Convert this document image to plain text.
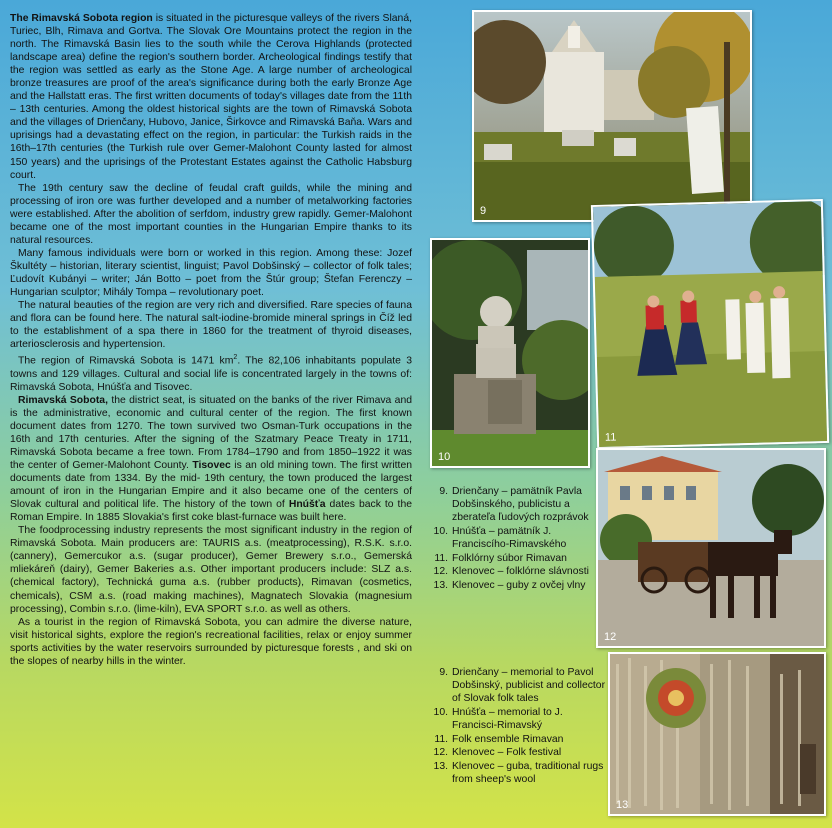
The Rimavská Sobota region is situated in the picturesque valleys of the rivers Slaná, Turiec, Blh, Rimava and Gortva. The Slovak Ore Mountains protect the region in the north. The Rimavská Basin lies to the south while the Cerova Highlands (protected landscape area) define the region's southern border. Archeological findings testify that the region was settled as early as the Stone Age. A large number of archeological bronze treasures are proof of the area's significance during both the early Bronze Age and the Hallstatt eras. The first written documents of today's villages date from the 11th – 13th centuries. Among the oldest historical sights are the town of Rimavská Sobota and the villages of Drienčany, Hubovo, Janice, Širkovce and Rimavská Baňa. Wars and uprisings had a devastating effect on the region, in particular: the Turkish raids in the 16th–17th centuries (the Turkish rule over Gemer-Malohont County lasted for almost 150 years) and the uprisings of the Protestant Estates against the Catholic Habsburg court.

The 19th century saw the decline of feudal craft guilds, while the mining and processing of iron ore was further developed and a number of metalworking factories were established. After the abolition of serfdom, industry grew rapidly. Gemer-Malohont became one of the most important counties in the Hungarian Empire thanks to its natural resources.

Many famous individuals were born or worked in this region. Among these: Jozef Škultéty – historian, literary scientist, linguist; Pavol Dobšinský – collector of folk tales; Ľudovít Kubányi – writer; Ján Botto – poet from the Štúr group; Štefan Ferenczy – Hungarian sculptor; Mihály Tompa – revolutionary poet.

The natural beauties of the region are very rich and diversified. Rare species of fauna and flora can be found here. The natural salt-iodine-bromide mineral springs in Číž led to the establishment of a spa there in 1860 for the treatment of thyroid diseases, arteriosclerosis and hypertension.

The region of Rimavská Sobota is 1471 $km^2$. The 82,106 inhabitants populate 3 towns and 129 villages. Cultural and social life is concentrated largely in the towns of: Rimavská Sobota, Hnúšťa and Tisovec.

Rimavská Sobota, the district seat, is situated on the banks of the river Rimava and is the administrative, economic and cultural center of the region. The first known document dates from 1270. The town survived two Osman-Turk occupations in the 16th and 17th centuries. After the signing of the Szatmary Peace Treaty in 1711, Rimavská Sobota became a free town. From 1784–1790 and from 1850–1922 it was the center of Gemer-Malohont County. Tisovec is an old mining town. The first written documents date from 1334. By the mid- 19th century, the town produced the largest amount of iron in the Hungarian Empire and it also became one of the centers of Slovak cultural and political life. The history of the town of Hnúšťa dates back to the Roman Empire. In 1885 Slovakia's first coke blast-furnace was built here.

The foodprocessing industry represents the most significant industry in the region of Rimavská Sobota. Main producers are: TAURIS a.s. (meatprocessing), R.S.K. s.r.o. (cannery), Gemercukor a.s. (sugar producer), Gemer Brewery s.r.o., Gemerská mliekáreň (dairy), Gemer Bakeries a.s. Other important producers include: SLZ a.s. (chemical factory), Technická guma a.s. (rubber products), Rimavan (cosmetics, chemicals), CSM a.s. (road making machines), Magnatech Slovakia (magnesium processing), Combin s.r.o. (lime-kiln), EVA SPORT s.r.o. as well as others.

As a tourist in the region of Rimavská Sobota, you can admire the diverse nature, visit historical sights, explore the region's recreational facilities, relax or enjoy summer sports activities by the water reservoirs surrounded by picturesque forests , and ski on the slopes of nearby hills in the winter.

9
10
11
12
13
9. Drienčany – pamätník Pavla Dobšinského, publicistu a zberateľa ľudových rozprávok
10. Hnúšťa – pamätník J. Franciscího-Rimavského
11. Folklórny súbor Rimavan
12. Klenovec – folklórne slávnosti
13. Klenovec – guby z ovčej vlny
9. Drienčany – memorial to Pavol Dobšinský, publicist and collector of Slovak folk tales
10. Hnúšťa – memorial to J. Francisci-Rimavský
11. Folk ensemble Rimavan
12. Klenovec – Folk festival
13. Klenovec – guba, traditional rugs from sheep's wool
